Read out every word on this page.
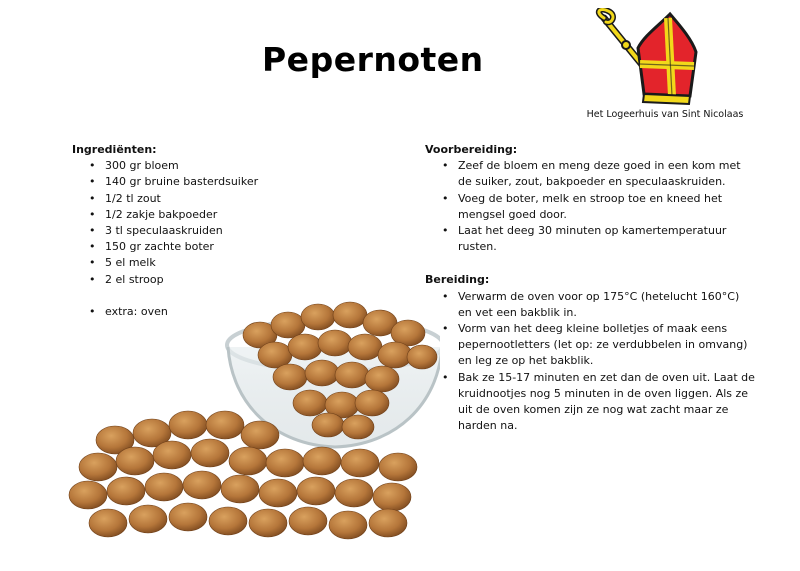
Pepernoten
Het Logeerhuis van Sint Nicolaas
Ingrediënten:
• 300 gr bloem
• 140 gr bruine basterdsuiker
• 1/2 tl zout
• 1/2 zakje bakpoeder
• 3 tl speculaaskruiden
• 150 gr zachte boter
• 5 el melk
• 2 el stroop
• extra: oven
Voorbereiding:
• Zeef de bloem en meng deze goed in een kom met de suiker, zout, bakpoeder en speculaaskruiden.
• Voeg de boter, melk en stroop toe en kneed het mengsel goed door.
• Laat het deeg 30 minuten op kamertemperatuur rusten.
Bereiding:
• Verwarm de oven voor op 175°C (hetelucht 160°C) en vet een bakblik in.
• Vorm van het deeg kleine bolletjes of maak eens pepernootletters (let op: ze verdubbelen in omvang) en leg ze op het bakblik.
• Bak ze 15-17 minuten en zet dan de oven uit. Laat de kruidnootjes nog 5 minuten in de oven liggen. Als ze uit de oven komen zijn ze nog wat zacht maar ze harden na.
